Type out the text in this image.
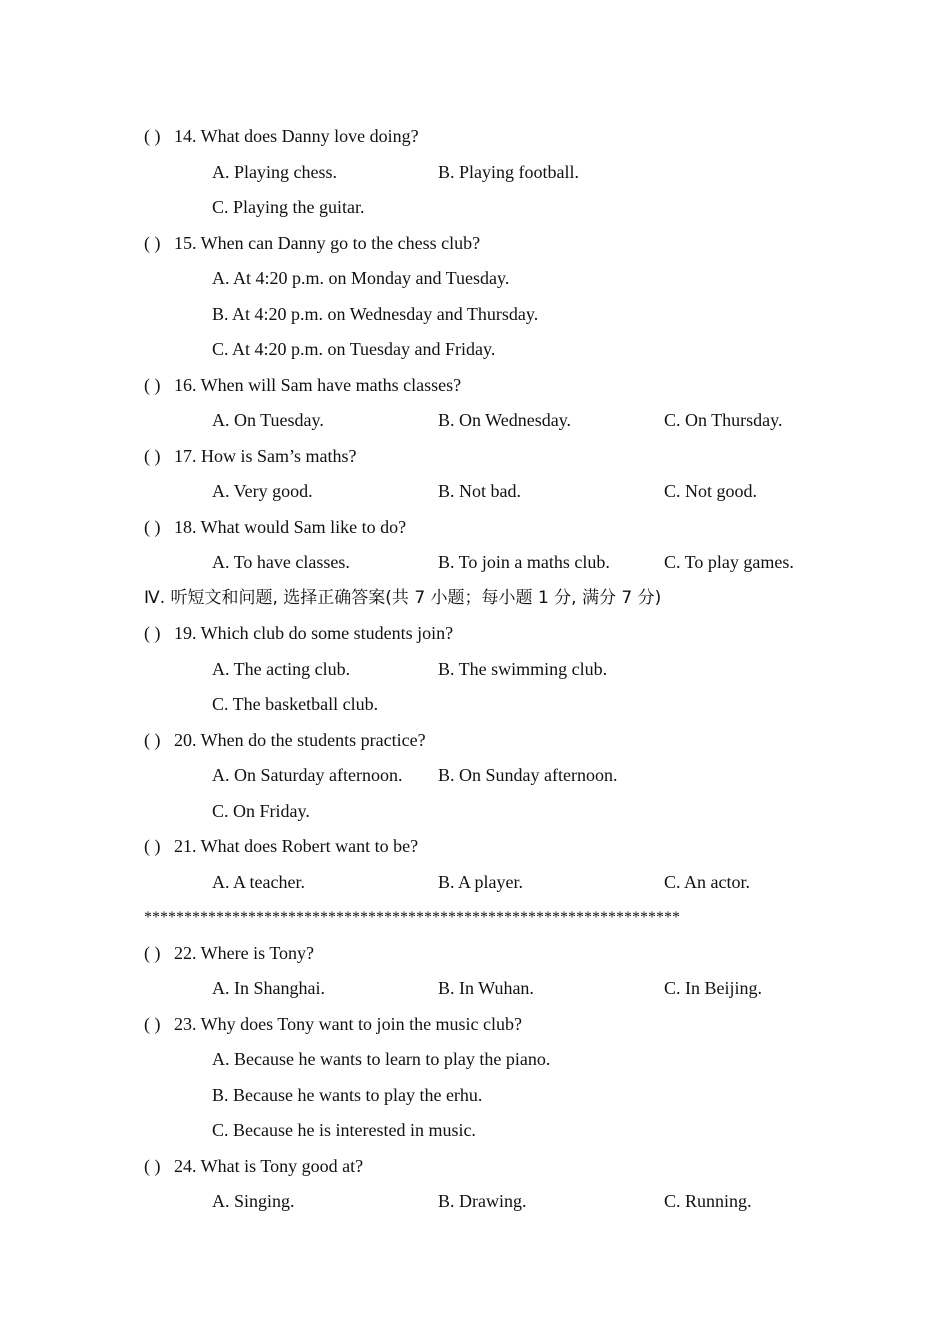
( ) 14. What does Danny love doing?
A. Playing chess.	B. Playing football.
C. Playing the guitar.
( ) 15. When can Danny go to the chess club?
A. At 4:20 p.m. on Monday and Tuesday.
B. At 4:20 p.m. on Wednesday and Thursday.
C. At 4:20 p.m. on Tuesday and Friday.
( ) 16. When will Sam have maths classes?
A. On Tuesday.	B. On Wednesday.	C. On Thursday.
( ) 17. How is Sam’s maths?
A. Very good.	B. Not bad.	C. Not good.
( ) 18. What would Sam like to do?
A. To have classes.	B. To join a maths club.	C. To play games.
Ⅳ. 听短文和问题, 选择正确答案(共 7 小题；每小题 1 分, 满分 7 分)
( ) 19. Which club do some students join?
A. The acting club.	B. The swimming club.
C. The basketball club.
( ) 20. When do the students practice?
A. On Saturday afternoon. B. On Sunday afternoon.
C. On Friday.
( ) 21. What does Robert want to be?
A. A teacher.	B. A player.	C. An actor.
*******************************************************************
( ) 22. Where is Tony?
A. In Shanghai.	B. In Wuhan.	C. In Beijing.
( ) 23. Why does Tony want to join the music club?
A. Because he wants to learn to play the piano.
B. Because he wants to play the erhu.
C. Because he is interested in music.
( ) 24. What is Tony good at?
A. Singing.	B. Drawing.	C. Running.
